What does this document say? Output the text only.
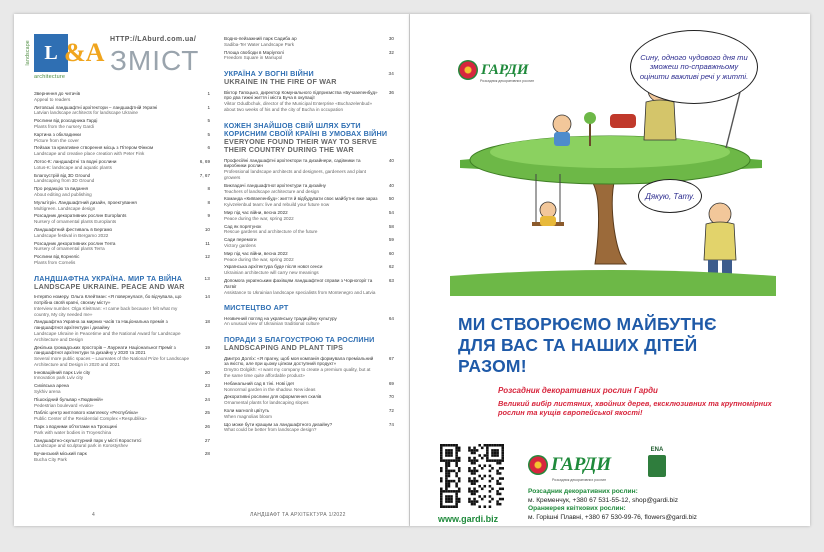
L &A
landscape
architecture
HTTP://LAburd.com.ua/
ЗМІСТ
Звернення до читачів
Appeal to readers
1
Литовські ландшафтні архітектори – ландшафтній Україні
Latvian landscape architects for landscape Ukraine
1
Рослини від розсадника Гарді
Plants from the nursery Gardi
5
Картина з обкладинки
Picture from the cover
5
Пейзаж та креативне створення місць з Пітером Фінком
Landscape and creative place creation with Peter Fink
6
Лотос-К: ландшафтні та водні рослини
Lotus-K: landscape and aquatic plants
6, 69
Благоустрій від 3D Ground
Landscaping from 3D Ground
7, 67
Про редакцію та видання
About editing and publishing
8
Мультігрін. Ландшафтний дизайн, проектування
Multigreen. Landscape design
8
Розсадник декоративних рослин Europlants
Nursery of ornamental plants Europlants
9
Ландшафтний фестиваль в Бергамо
Landscape festival in Bergamo 2022
10
Розсадник декоративних рослин Тerra
Nursery of ornamental plants Terra
11
Рослини від Корнеліс
Plants from Cornelis
12
ЛАНДШАФТНА УКРАЇНА. МИР ТА ВІЙНА
LANDSCAPE UKRAINE. PEACE AND WAR
13
Інтерв'ю номеру. Ольга Клейтман: «Я повернулася, бо відчувала, що потрібна своїй країні, своєму місту»
Interview number. Olga Kleitman: «I came back because I felt what my country, My city needed me»
14
Ландшафтна Україна за мирних часів та Національна премія з ландшафтної архітектури і дизайну
Landscape Ukraine in Peacetime and the National Award for Landscape Architecture and Design
18
Декілька громадських просторів – Лауреати Національної Премії з ландшафтної архітектури та дизайну у 2020 та 2021
Several more public spaces – Laureates of the National Prize for Landscape Architecture and Design in 2020 and 2021
19
Інноваційний парк Lviv city
Innovation park Lviv city
20
Сихівська арена
Sykhiv arena
23
Пішохідний бульвар «Людвиній»
Pedestrian boulevard «Ivalo»
24
Пабліс центр житлового комплексу «Республіка»
Public Center of the Residential Complex «Respublika»
25
Парк з водними об'єктами на Троєщині
Park with water bodies in Troyeschina
26
Ландшафтно-скульптурний парк у місті Короститсі
Landscape and sculptural park in Korostyshev
27
Бучанський міський парк
Bucha City Park
28
Водно-пейзажний парк Садиба ар
Sadiba-Ter Water Landscape Park
30
Площа свободи в Маріуполі
Freedom Square in Mariupol
32
УКРАЇНА У ВОГНІ ВІЙНИ
UKRAINE IN THE FIRE OF WAR
34
Віктор Гапоцько, директор Комунального підприємства «Бучазеленбуд» про два тижні життя і міста Буча в окупації
Viktor Odudbchuk, director of the Municipal Enterprise «Buchazelenbud» about two weeks of his and the city of Bucha in occupation
36
КОЖЕН ЗНАЙШОВ СВІЙ ШЛЯХ БУТИ КОРИСНИМ СВОЇЙ КРАЇНІ В УМОВАХ ВІЙНИ
EVERYONE FOUND THEIR WAY TO SERVE THEIR COUNTRY DURING THE WAR
Професійні ландшафтні архітектори та дизайнери, садівники та виробники рослин
Professional landscape architects and designers, gardeners and plant growers
40
Викладачі ландшафтної архітектури та дизайну
Teachers of landscape architecture and design
40
Команда «Київзеленбуд»: життя й відбудувати своє майбутнє вже зараз
Kyivzelenbud team: live and rebuild your future now
50
Мир під час війни, весна 2022
Peace during the war, spring 2022
54
Сад як порятунок
Rescue gardens and architecture of the future
58
Сади перемоги
Victory gardens
59
Мир під час війни, весна 2022
Peace during the war, spring 2022
60
Українська архітектура буде після нової сенси
Ukrainian architecture will carry new meanings
62
Допомога українським фахівцям ландшафтної справи з Чорногорії та Латвії
Assistance to Ukrainian landscape specialists from Montenegro and Latvia
63
МИСТЕЦТВО АРТ
Незвичний погляд на українську традиційну культуру
An unusual view of Ukrainian traditional culture
64
ПОРАДИ З БЛАГОУСТРОЮ ТА РОСЛИНИ
LANDSCAPING AND PLANT TIPS
Дмитро Долгіх: «Я прагну, щоб моя компанія формувала преміальний за якістю, але при цьому цілком доступний продукт»
Dmytro Dolgikh: «I want my company to create a premium quality, but at the same time quite affordable product»
67
Небанальний сад в тіні. Нові ідеї
Nonnormal garden in the shadow. New ideas
69
Декоративні рослини для оформлення схилів
Ornamental plants for landscaping slopes
70
Коли магнолії цвітуть
When magnolias bloom
72
Що може бути кращим за ландшафтного дизайну?
What could be better from landscape design?
74
4	ЛАНДШАФТ ТА АРХІТЕКТУРА 1/2022
ГАРДИ
Розсадник декоративних рослин
Сину, одного чудового дня ти зможеш по-справжньому оцінити важливі речі у житті.
Дякую, Тату.
МИ СТВОРЮЄМО МАЙБУТНЄ
ДЛЯ ВАС ТА НАШИХ ДІТЕЙ
РАЗОМ!
Розсадник декоративних рослин Гарди
Великий вибір листяних, хвойних дерев, ексклюзивних та крупномірних рослин та кущів європейської якості!
ГАРДИ
Розсадник декоративних рослин
ENA
Розсадник декоративних рослин:
м. Кременчук, +380 67 531-55-12, shop@gardi.biz
Оранжерея квіткових рослин:
м. Горішні Плавні, +380 67 530-99-76, flowers@gardi.biz
www.gardi.biz
